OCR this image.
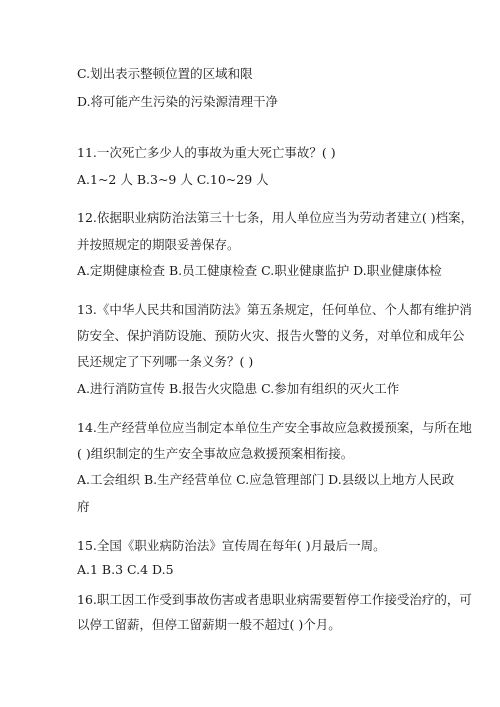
C.划出表示整顿位置的区域和限
D.将可能产生污染的污染源清理干净
11.一次死亡多少人的事故为重大死亡事故？( )
A.1~2 人 B.3~9 人 C.10~29 人
12.依据职业病防治法第三十七条，用人单位应当为劳动者建立( )档案，
并按照规定的期限妥善保存。
A.定期健康检查 B.员工健康检查 C.职业健康监护 D.职业健康体检
13.《中华人民共和国消防法》第五条规定，任何单位、个人都有维护消
防安全、保护消防设施、预防火灾、报告火警的义务，对单位和成年公
民还规定了下列哪一条义务？( )
A.进行消防宣传 B.报告火灾隐患 C.参加有组织的灭火工作
14.生产经营单位应当制定本单位生产安全事故应急救援预案，与所在地
( )组织制定的生产安全事故应急救援预案相衔接。
A.工会组织 B.生产经营单位 C.应急管理部门 D.县级以上地方人民政
府
15.全国《职业病防治法》宣传周在每年( )月最后一周。
A.1 B.3 C.4 D.5
16.职工因工作受到事故伤害或者患职业病需要暂停工作接受治疗的，可
以停工留薪，但停工留薪期一般不超过( )个月。
